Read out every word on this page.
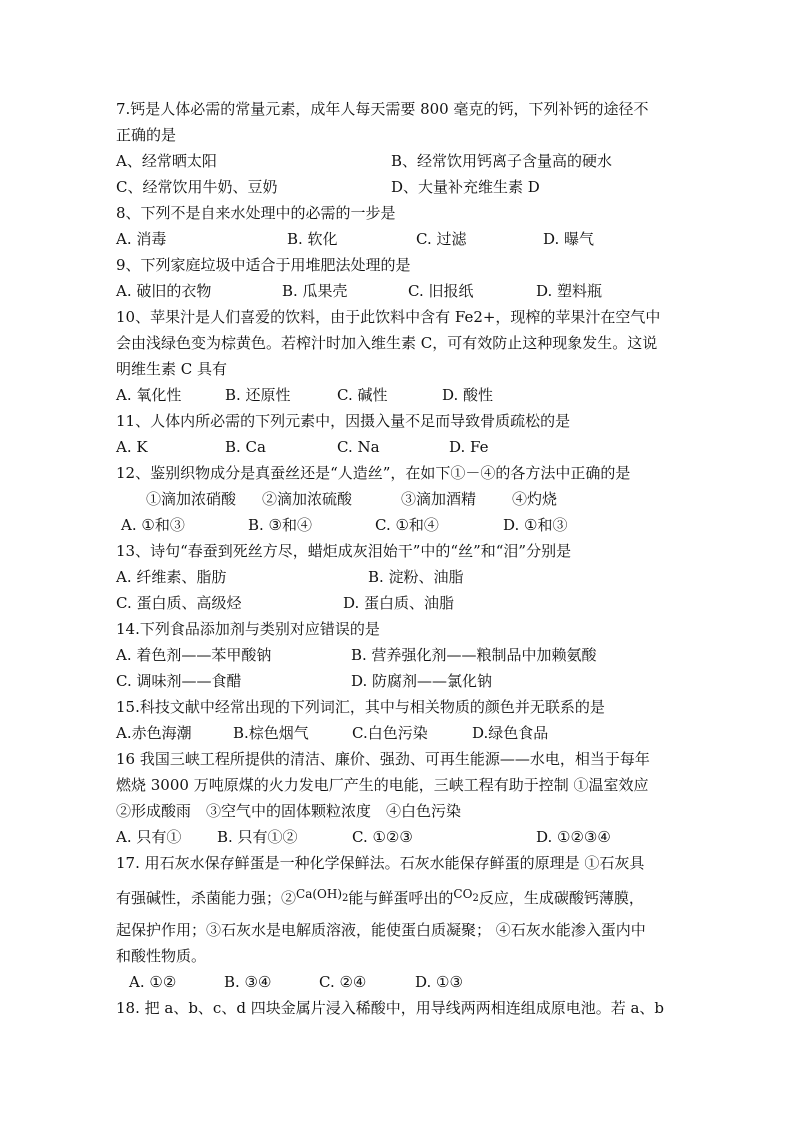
7.钙是人体必需的常量元素，成年人每天需要 800 毫克的钙，下列补钙的途径不
正确的是
A、经常晒太阳	B、经常饮用钙离子含量高的硬水
C、经常饮用牛奶、豆奶	D、大量补充维生素 D
8、下列不是自来水处理中的必需的一步是
A. 消毒	B. 软化	C. 过滤	D. 曝气
9、下列家庭垃圾中适合于用堆肥法处理的是
A. 破旧的衣物	B. 瓜果壳	C. 旧报纸	D. 塑料瓶
10、苹果汁是人们喜爱的饮料，由于此饮料中含有 Fe2+，现榨的苹果汁在空气中
会由浅绿色变为棕黄色。若榨汁时加入维生素 C，可有效防止这种现象发生。这说
明维生素 C 具有
A. 氧化性	B. 还原性	C. 碱性	D. 酸性
11、人体内所必需的下列元素中，因摄入量不足而导致骨质疏松的是
A. K	B. Ca	C. Na	D. Fe
12、鉴别织物成分是真蚕丝还是“人造丝”，在如下①－④的各方法中正确的是
①滴加浓硝酸 ②滴加浓硫酸	③滴加酒精 ④灼烧
A. ①和③	B. ③和④	C. ①和④	D. ①和③
13、诗句“春蚕到死丝方尽，蜡炬成灰泪始干”中的“丝”和“泪”分别是
A. 纤维素、脂肪	B. 淀粉、油脂
C. 蛋白质、高级烃	D. 蛋白质、油脂
14.下列食品添加剂与类别对应错误的是
A. 着色剂——苯甲酸钠	B. 营养强化剂——粮制品中加赖氨酸
C. 调味剂——食醋	D. 防腐剂——氯化钠
15.科技文献中经常出现的下列词汇，其中与相关物质的颜色并无联系的是
A.赤色海潮	B.棕色烟气	C.白色污染	D.绿色食品
16 我国三峡工程所提供的清洁、廉价、强劲、可再生能源——水电，相当于每年
燃烧 3000 万吨原煤的火力发电厂产生的电能，三峡工程有助于控制 ①温室效应
②形成酸雨　③空气中的固体颗粒浓度　④白色污染
A. 只有① B. 只有①②	C. ①②③	D. ①②③④
17. 用石灰水保存鲜蛋是一种化学保鲜法。石灰水能保存鲜蛋的原理是 ①石灰具
有强碱性，杀菌能力强；②$^{Ca(OH)_2}$能与鲜蛋呼出的$^{CO_2}$反应，生成碳酸钙薄膜，
起保护作用；③石灰水是电解质溶液，能使蛋白质凝聚； ④石灰水能渗入蛋内中
和酸性物质。
A. ①②	B. ③④	C. ②④	D. ①③
18. 把 a、b、c、d 四块金属片浸入稀酸中，用导线两两相连组成原电池。若 a、b
